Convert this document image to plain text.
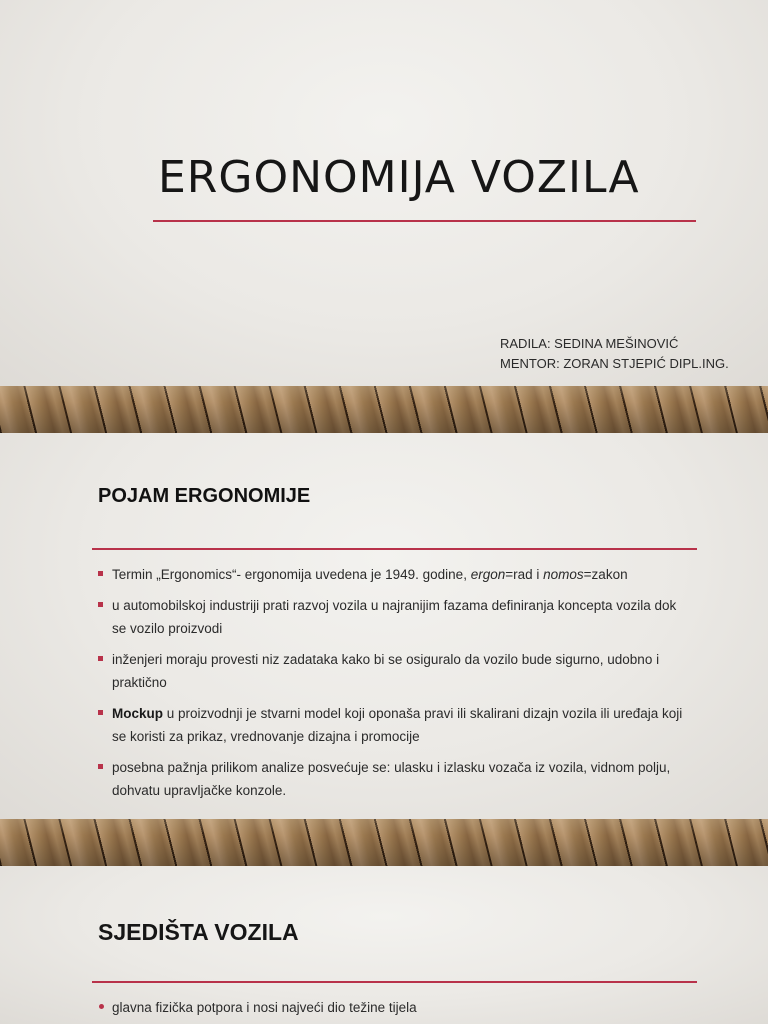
ERGONOMIJA VOZILA
RADILA: SEDINA MEŠINOVIĆ
MENTOR: ZORAN STJEPIĆ DIPL.ING.
POJAM ERGONOMIJE
Termin „Ergonomics“- ergonomija uvedena je 1949. godine, ergon=rad i nomos=zakon
u automobilskoj industriji prati razvoj vozila u najranijim fazama definiranja koncepta vozila dok se vozilo proizvodi
inženjeri moraju provesti niz zadataka kako bi se osiguralo da vozilo bude sigurno, udobno i praktično
Mockup u proizvodnji je stvarni model koji oponaša pravi ili skalirani dizajn vozila ili uređaja koji se koristi za prikaz, vrednovanje dizajna i promocije
posebna pažnja prilikom analize posvećuje se: ulasku i izlasku vozača iz vozila, vidnom polju, dohvatu upravljačke konzole.
SJEDIŠTA VOZILA
glavna fizička potpora i nosi najveći dio težine tijela
